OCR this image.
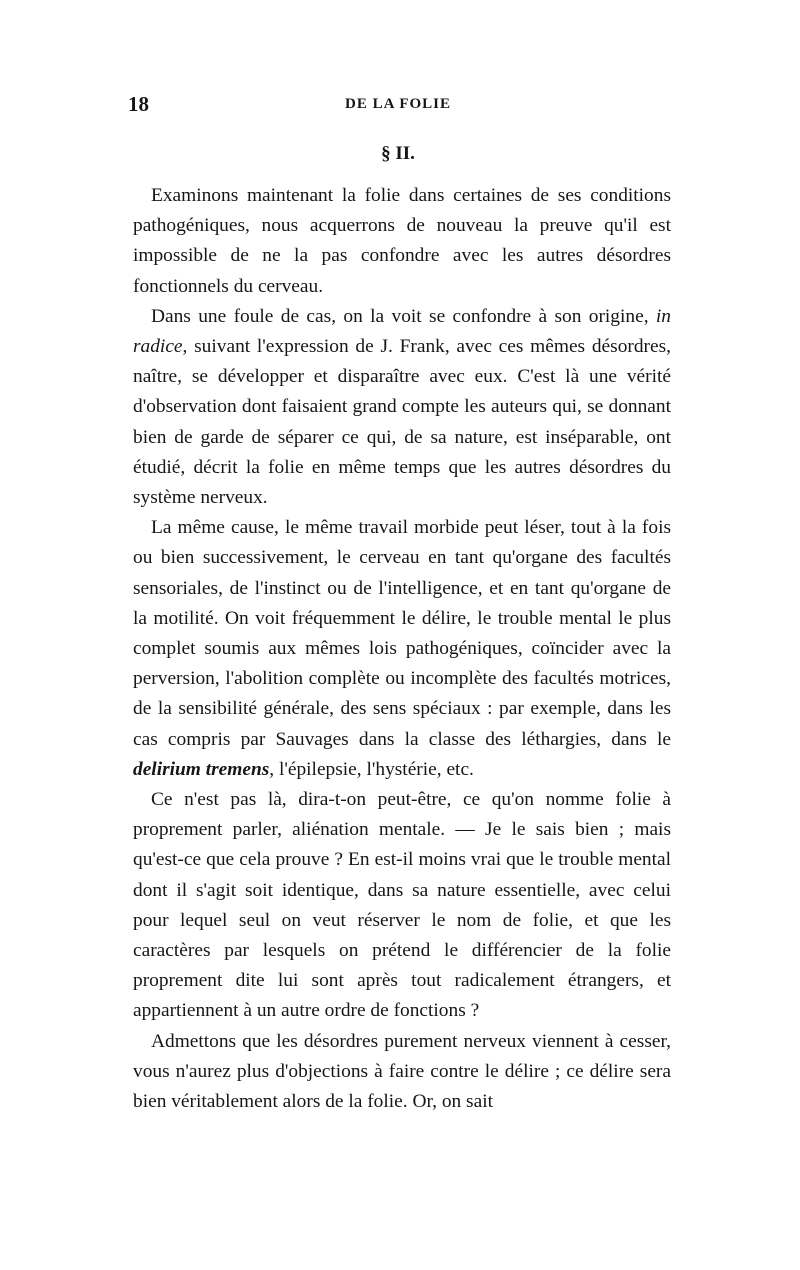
18	DE LA FOLIE
§ II.

Examinons maintenant la folie dans certaines de ses conditions pathogéniques, nous acquerrons de nouveau la preuve qu'il est impossible de ne la pas confondre avec les autres désordres fonctionnels du cerveau.

Dans une foule de cas, on la voit se confondre à son origine, in radice, suivant l'expression de J. Frank, avec ces mêmes désordres, naître, se développer et disparaître avec eux. C'est là une vérité d'observation dont faisaient grand compte les auteurs qui, se donnant bien de garde de séparer ce qui, de sa nature, est inséparable, ont étudié, décrit la folie en même temps que les autres désordres du système nerveux.

La même cause, le même travail morbide peut léser, tout à la fois ou bien successivement, le cerveau en tant qu'organe des facultés sensoriales, de l'instinct ou de l'intelligence, et en tant qu'organe de la motilité. On voit fréquemment le délire, le trouble mental le plus complet soumis aux mêmes lois pathogéniques, coïncider avec la perversion, l'abolition complète ou incomplète des facultés motrices, de la sensibilité générale, des sens spéciaux : par exemple, dans les cas compris par Sauvages dans la classe des léthargies, dans le delirium tremens, l'épilepsie, l'hystérie, etc.

Ce n'est pas là, dira-t-on peut-être, ce qu'on nomme folie à proprement parler, aliénation mentale. — Je le sais bien ; mais qu'est-ce que cela prouve ? En est-il moins vrai que le trouble mental dont il s'agit soit identique, dans sa nature essentielle, avec celui pour lequel seul on veut réserver le nom de folie, et que les caractères par lesquels on prétend le différencier de la folie proprement dite lui sont après tout radicalement étrangers, et appartiennent à un autre ordre de fonctions ?

Admettons que les désordres purement nerveux viennent à cesser, vous n'aurez plus d'objections à faire contre le délire ; ce délire sera bien véritablement alors de la folie. Or, on sait
